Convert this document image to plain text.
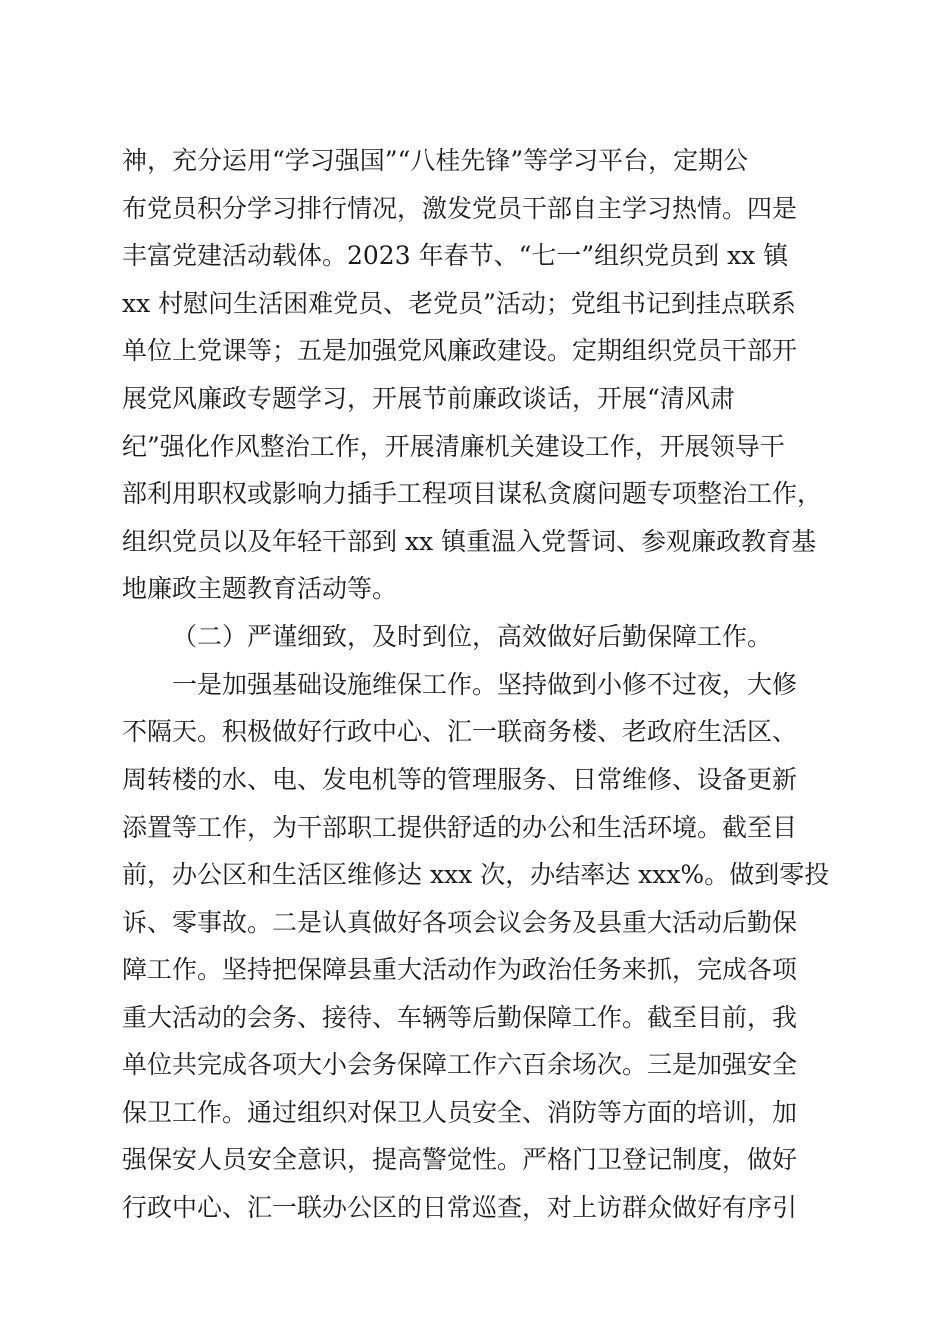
神，充分运用“学习强国”“八桂先锋”等学习平台，定期公
布党员积分学习排行情况，激发党员干部自主学习热情。四是
丰富党建活动载体。2023 年春节、“七一”组织党员到 xx 镇
xx 村慰问生活困难党员、老党员”活动；党组书记到挂点联系
单位上党课等；五是加强党风廉政建设。定期组织党员干部开
展党风廉政专题学习，开展节前廉政谈话，开展“清风肃
纪”强化作风整治工作，开展清廉机关建设工作，开展领导干
部利用职权或影响力插手工程项目谋私贪腐问题专项整治工作，
组织党员以及年轻干部到 xx 镇重温入党誓词、参观廉政教育基
地廉政主题教育活动等。
（二）严谨细致，及时到位，高效做好后勤保障工作。
一是加强基础设施维保工作。坚持做到小修不过夜，大修
不隔天。积极做好行政中心、汇一联商务楼、老政府生活区、
周转楼的水、电、发电机等的管理服务、日常维修、设备更新
添置等工作，为干部职工提供舒适的办公和生活环境。截至目
前，办公区和生活区维修达 xxx 次，办结率达 xxx%。做到零投
诉、零事故。二是认真做好各项会议会务及县重大活动后勤保
障工作。坚持把保障县重大活动作为政治任务来抓，完成各项
重大活动的会务、接待、车辆等后勤保障工作。截至目前，我
单位共完成各项大小会务保障工作六百余场次。三是加强安全
保卫工作。通过组织对保卫人员安全、消防等方面的培训，加
强保安人员安全意识，提高警觉性。严格门卫登记制度，做好
行政中心、汇一联办公区的日常巡查，对上访群众做好有序引
